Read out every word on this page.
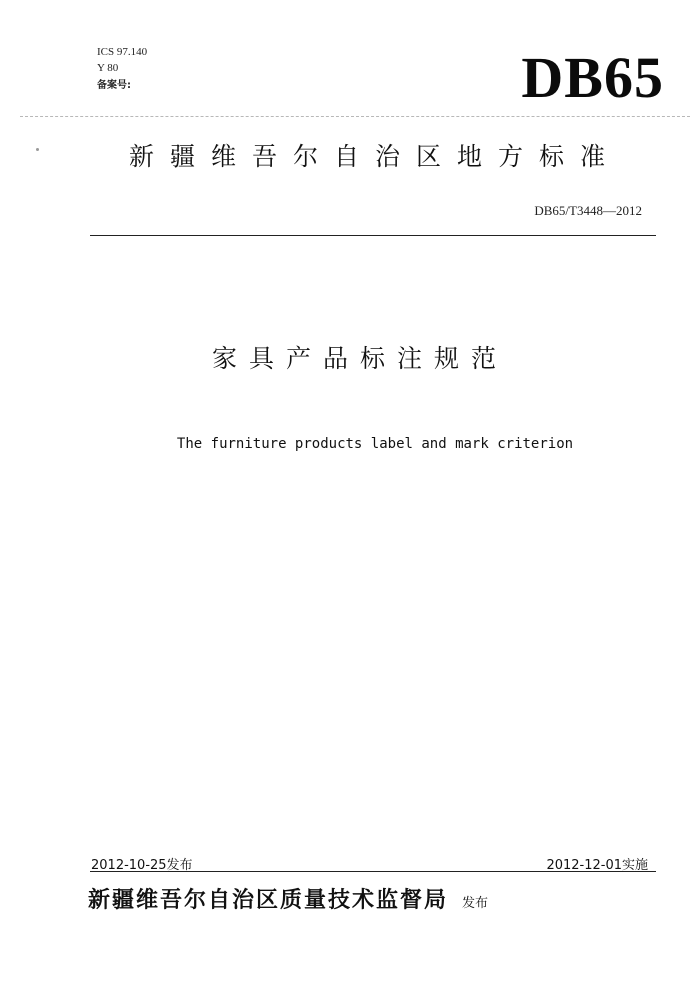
ICS 97.140
Y 80
备案号:	DB65
新疆维吾尔自治区地方标准
DB65/T3448—2012
家具产品标注规范
The furniture products label and mark criterion
2012-10-25发布	2012-12-01实施
新疆维吾尔自治区质量技术监督局 发布
